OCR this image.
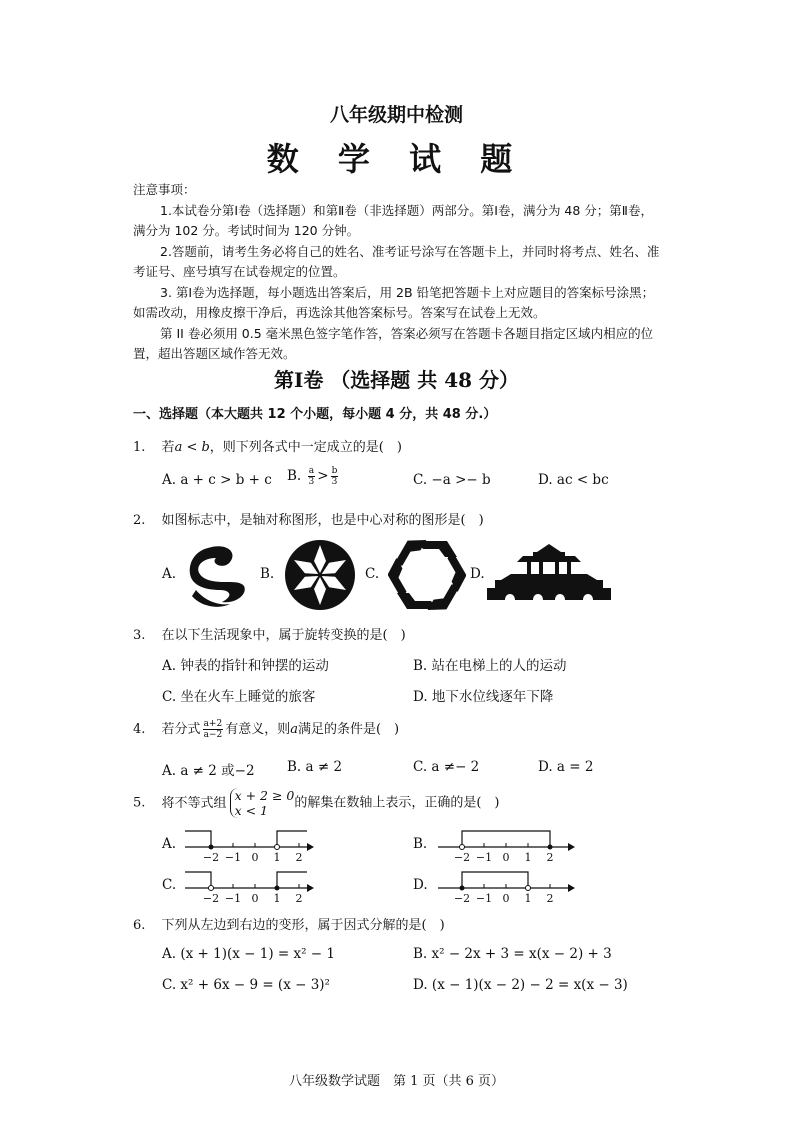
八年级期中检测
数 学 试 题

注意事项：

1.本试卷分第Ⅰ卷（选择题）和第Ⅱ卷（非选择题）两部分。第Ⅰ卷，满分为 48 分；第Ⅱ卷，满分为 102 分。考试时间为 120 分钟。

2.答题前，请考生务必将自己的姓名、准考证号涂写在答题卡上，并同时将考点、姓名、准考证号、座号填写在试卷规定的位置。

3. 第Ⅰ卷为选择题，每小题选出答案后，用 2B 铅笔把答题卡上对应题目的答案标号涂黑；如需改动，用橡皮擦干净后，再选涂其他答案标号。答案写在试卷上无效。

第 II 卷必须用 0.5 毫米黑色签字笔作答，答案必须写在答题卡各题目指定区域内相应的位置，超出答题区域作答无效。

第Ⅰ卷 （选择题 共 48 分）
一、选择题（本大题共 12 个小题，每小题 4 分，共 48 分.）
1. 若a < b，则下列各式中一定成立的是(　)
A. a + c > b + c B. $\frac{a}{3} > \frac{b}{3}$	C. −a >− b	D. ac < bc
2. 如图标志中，是轴对称图形，也是中心对称的图形是(　)
A.	B.	C.	D.
3. 在以下生活现象中，属于旋转变换的是(　)
A. 钟表的指针和钟摆的运动	B. 站在电梯上的人的运动
C. 坐在火车上睡觉的旅客	D. 地下水位线逐年下降
4. 若分式 $\frac{a+2}{a-2}$ 有意义，则a满足的条件是(　)
A. a ≠ 2 或−2 B. a ≠ 2	C. a ≠− 2	D. a = 2
5. 将不等式组 x + 2 ≥ 0
x < 1	的解集在数轴上表示，正确的是(　)
A.	B.
C.	D.
−2 −1 0 1 2	−2 −1 0 1 2
−2 −1 0 1 2	−2 −1 0 1 2
6. 下列从左边到右边的变形，属于因式分解的是(　)
A. (x + 1)(x − 1) = x² − 1	B. x² − 2x + 3 = x(x − 2) + 3
C. x² + 6x − 9 = (x − 3)²	D. (x − 1)(x − 2) − 2 = x(x − 3)
八年级数学试题　第 1 页（共 6 页）
